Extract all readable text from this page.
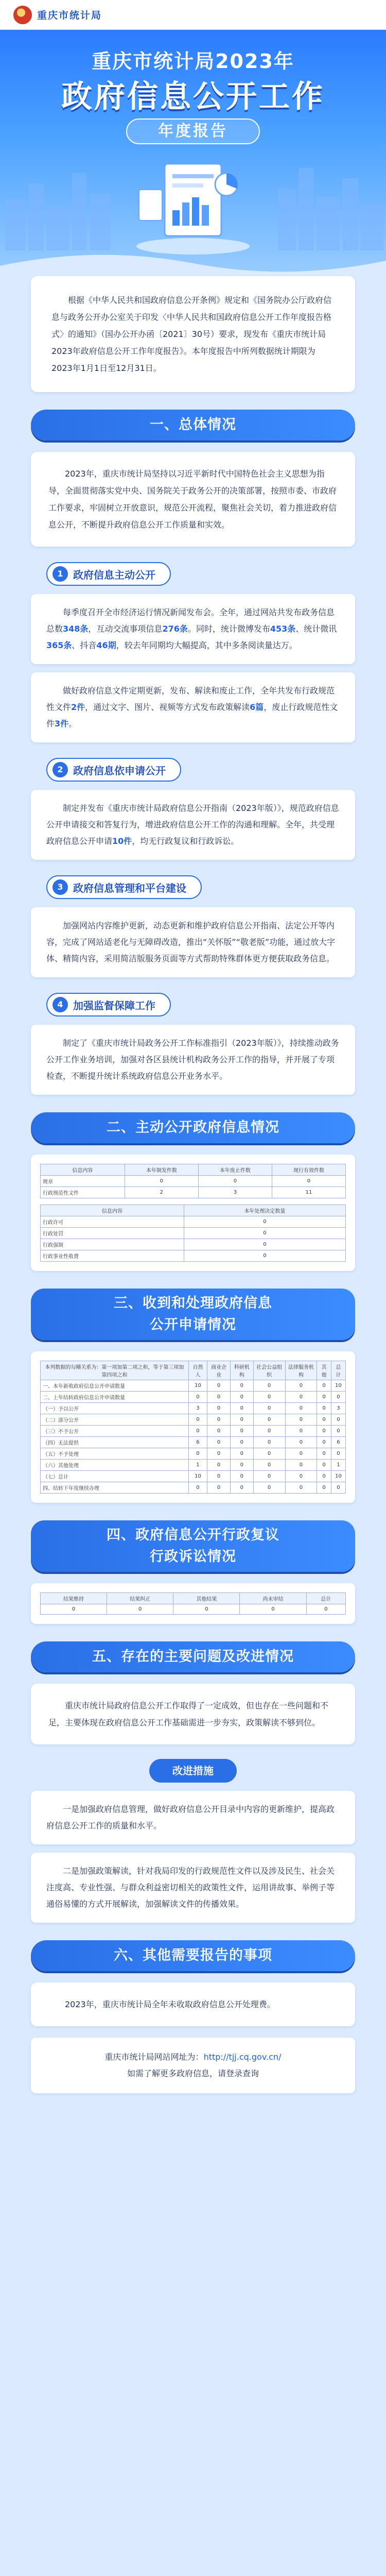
重庆市统计局
重庆市统计局2023年
政府信息公开工作
年度报告

根据《中华人民共和国政府信息公开条例》规定和《国务院办公厅政府信息与政务公开办公室关于印发〈中华人民共和国政府信息公开工作年度报告格式〉的通知》（国办公开办函〔2021〕30号）要求，现发布《重庆市统计局2023年政府信息公开工作年度报告》。本年度报告中所列数据统计期限为2023年1月1日至12月31日。

一、总体情况

2023年，重庆市统计局坚持以习近平新时代中国特色社会主义思想为指导，全面贯彻落实党中央、国务院关于政务公开的决策部署，按照市委、市政府工作要求，牢固树立开放意识，规范公开流程，聚焦社会关切，着力推进政府信息公开，不断提升政府信息公开工作质量和实效。

1 政府信息主动公开

每季度召开全市经济运行情况新闻发布会。全年，通过网站共发布政务信息总数348条，互动交流事项信息276条。同时，统计微博发布453条、统计微讯365条、抖音46期，较去年同期均大幅提高，其中多条阅读量达万。

做好政府信息文件定期更新，发布、解读和废止工作，全年共发布行政规范性文件2件，通过文字、图片、视频等方式发布政策解读6篇，废止行政规范性文件3件。

2 政府信息依申请公开

制定并发布《重庆市统计局政府信息公开指南（2023年版）》，规范政府信息公开申请接交和答复行为，增进政府信息公开工作的沟通和理解。全年，共受理政府信息公开申请10件，均无行政复议和行政诉讼。

3 政府信息管理和平台建设

加强网站内容维护更新，动态更新和维护政府信息公开指南、法定公开等内容，完成了网站适老化与无障碍改造，推出“关怀版”“敬老版”功能，通过放大字体、精简内容，采用简洁版服务页面等方式帮助特殊群体更方便获取政务信息。

4 加强监督保障工作

制定了《重庆市统计局政务公开工作标准指引（2023年版）》，持续推动政务公开工作业务培训，加强对各区县统计机构政务公开工作的指导，并开展了专项检查，不断提升统计系统政府信息公开业务水平。

二、主动公开政府信息情况
信息内容	本年制发件数	本年废止件数	现行有效件数
规章	0	0	0
行政规范性文件	2	3	11
信息内容	本年处理决定数量
行政许可	0
行政处罚	0
行政强制	0
行政事业性收费	0
三、收到和处理政府信息
公开申请情况
本列数据的勾稽关系为：第一项加第二项之和，等于第三项加第四项之和	自然人	商业企业	科研机构	社会公益组织	法律服务机构	其他	总计
一、本年新收政府信息公开申请数量	10	0	0	0	0	0	10
二、上年结转政府信息公开申请数量	0	0	0	0	0	0	0
（一）予以公开	3	0	0	0	0	0	3
（二）部分公开	0	0	0	0	0	0	0
（三）不予公开	0	0	0	0	0	0	0
（四）无法提供	6	0	0	0	0	0	6
（五）不予处理	0	0	0	0	0	0	0
（六）其他处理	1	0	0	0	0	0	1
（七）总计	10	0	0	0	0	0	10
四、结转下年度继续办理	0	0	0	0	0	0	0
四、政府信息公开行政复议
行政诉讼情况
结果维持	结果纠正	其他结果	尚未审结	总计
0	0	0	0	0
五、存在的主要问题及改进情况

重庆市统计局政府信息公开工作取得了一定成效，但也存在一些问题和不足，主要体现在政府信息公开工作基础需进一步夯实，政策解读不够到位。

改进措施

一是加强政府信息管理，做好政府信息公开目录中内容的更新维护，提高政府信息公开工作的质量和水平。

二是加强政策解读，针对我局印发的行政规范性文件以及涉及民生、社会关注度高、专业性强、与群众利益密切相关的政策性文件，运用讲故事、举例子等通俗易懂的方式开展解读，加强解读文件的传播效果。

六、其他需要报告的事项

2023年，重庆市统计局全年未收取政府信息公开处理费。

重庆市统计局网站网址为：http://tjj.cq.gov.cn/
如需了解更多政府信息，请登录查询
